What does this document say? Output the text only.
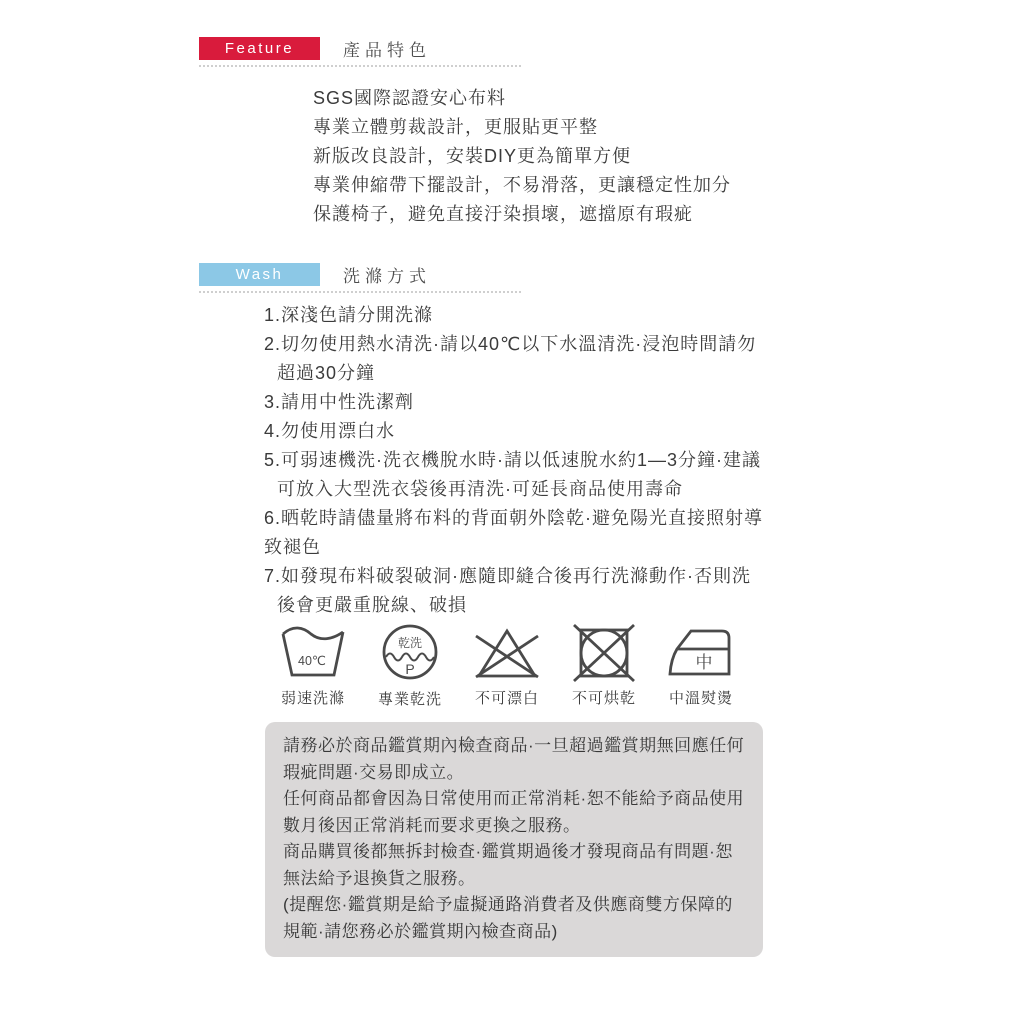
Feature	產品特色
SGS國際認證安心布料
專業立體剪裁設計，更服貼更平整
新版改良設計，安裝DIY更為簡單方便
專業伸縮帶下擺設計，不易滑落，更讓穩定性加分
保護椅子，避免直接汙染損壞，遮擋原有瑕疵
Wash	洗滌方式
1.深淺色請分開洗滌
2.切勿使用熱水清洗·請以40℃以下水溫清洗·浸泡時間請勿超過30分鐘
3.請用中性洗潔劑
4.勿使用漂白水
5.可弱速機洗·洗衣機脫水時·請以低速脫水約1—3分鐘·建議可放入大型洗衣袋後再清洗·可延長商品使用壽命
6.晒乾時請儘量將布料的背面朝外陰乾·避免陽光直接照射導致褪色
7.如發現布料破裂破洞·應隨即縫合後再行洗滌動作·否則洗後會更嚴重脫線、破損
40℃
弱速洗滌
乾洗
P
專業乾洗 不可漂白 不可烘乾
中
中溫熨燙

請務必於商品鑑賞期內檢查商品·一旦超過鑑賞期無回應任何瑕疵問題·交易即成立。

任何商品都會因為日常使用而正常消耗·恕不能給予商品使用數月後因正常消耗而要求更換之服務。

商品購買後都無拆封檢查·鑑賞期過後才發現商品有問題·恕無法給予退換貨之服務。

(提醒您·鑑賞期是給予虛擬通路消費者及供應商雙方保障的規範·請您務必於鑑賞期內檢查商品)
